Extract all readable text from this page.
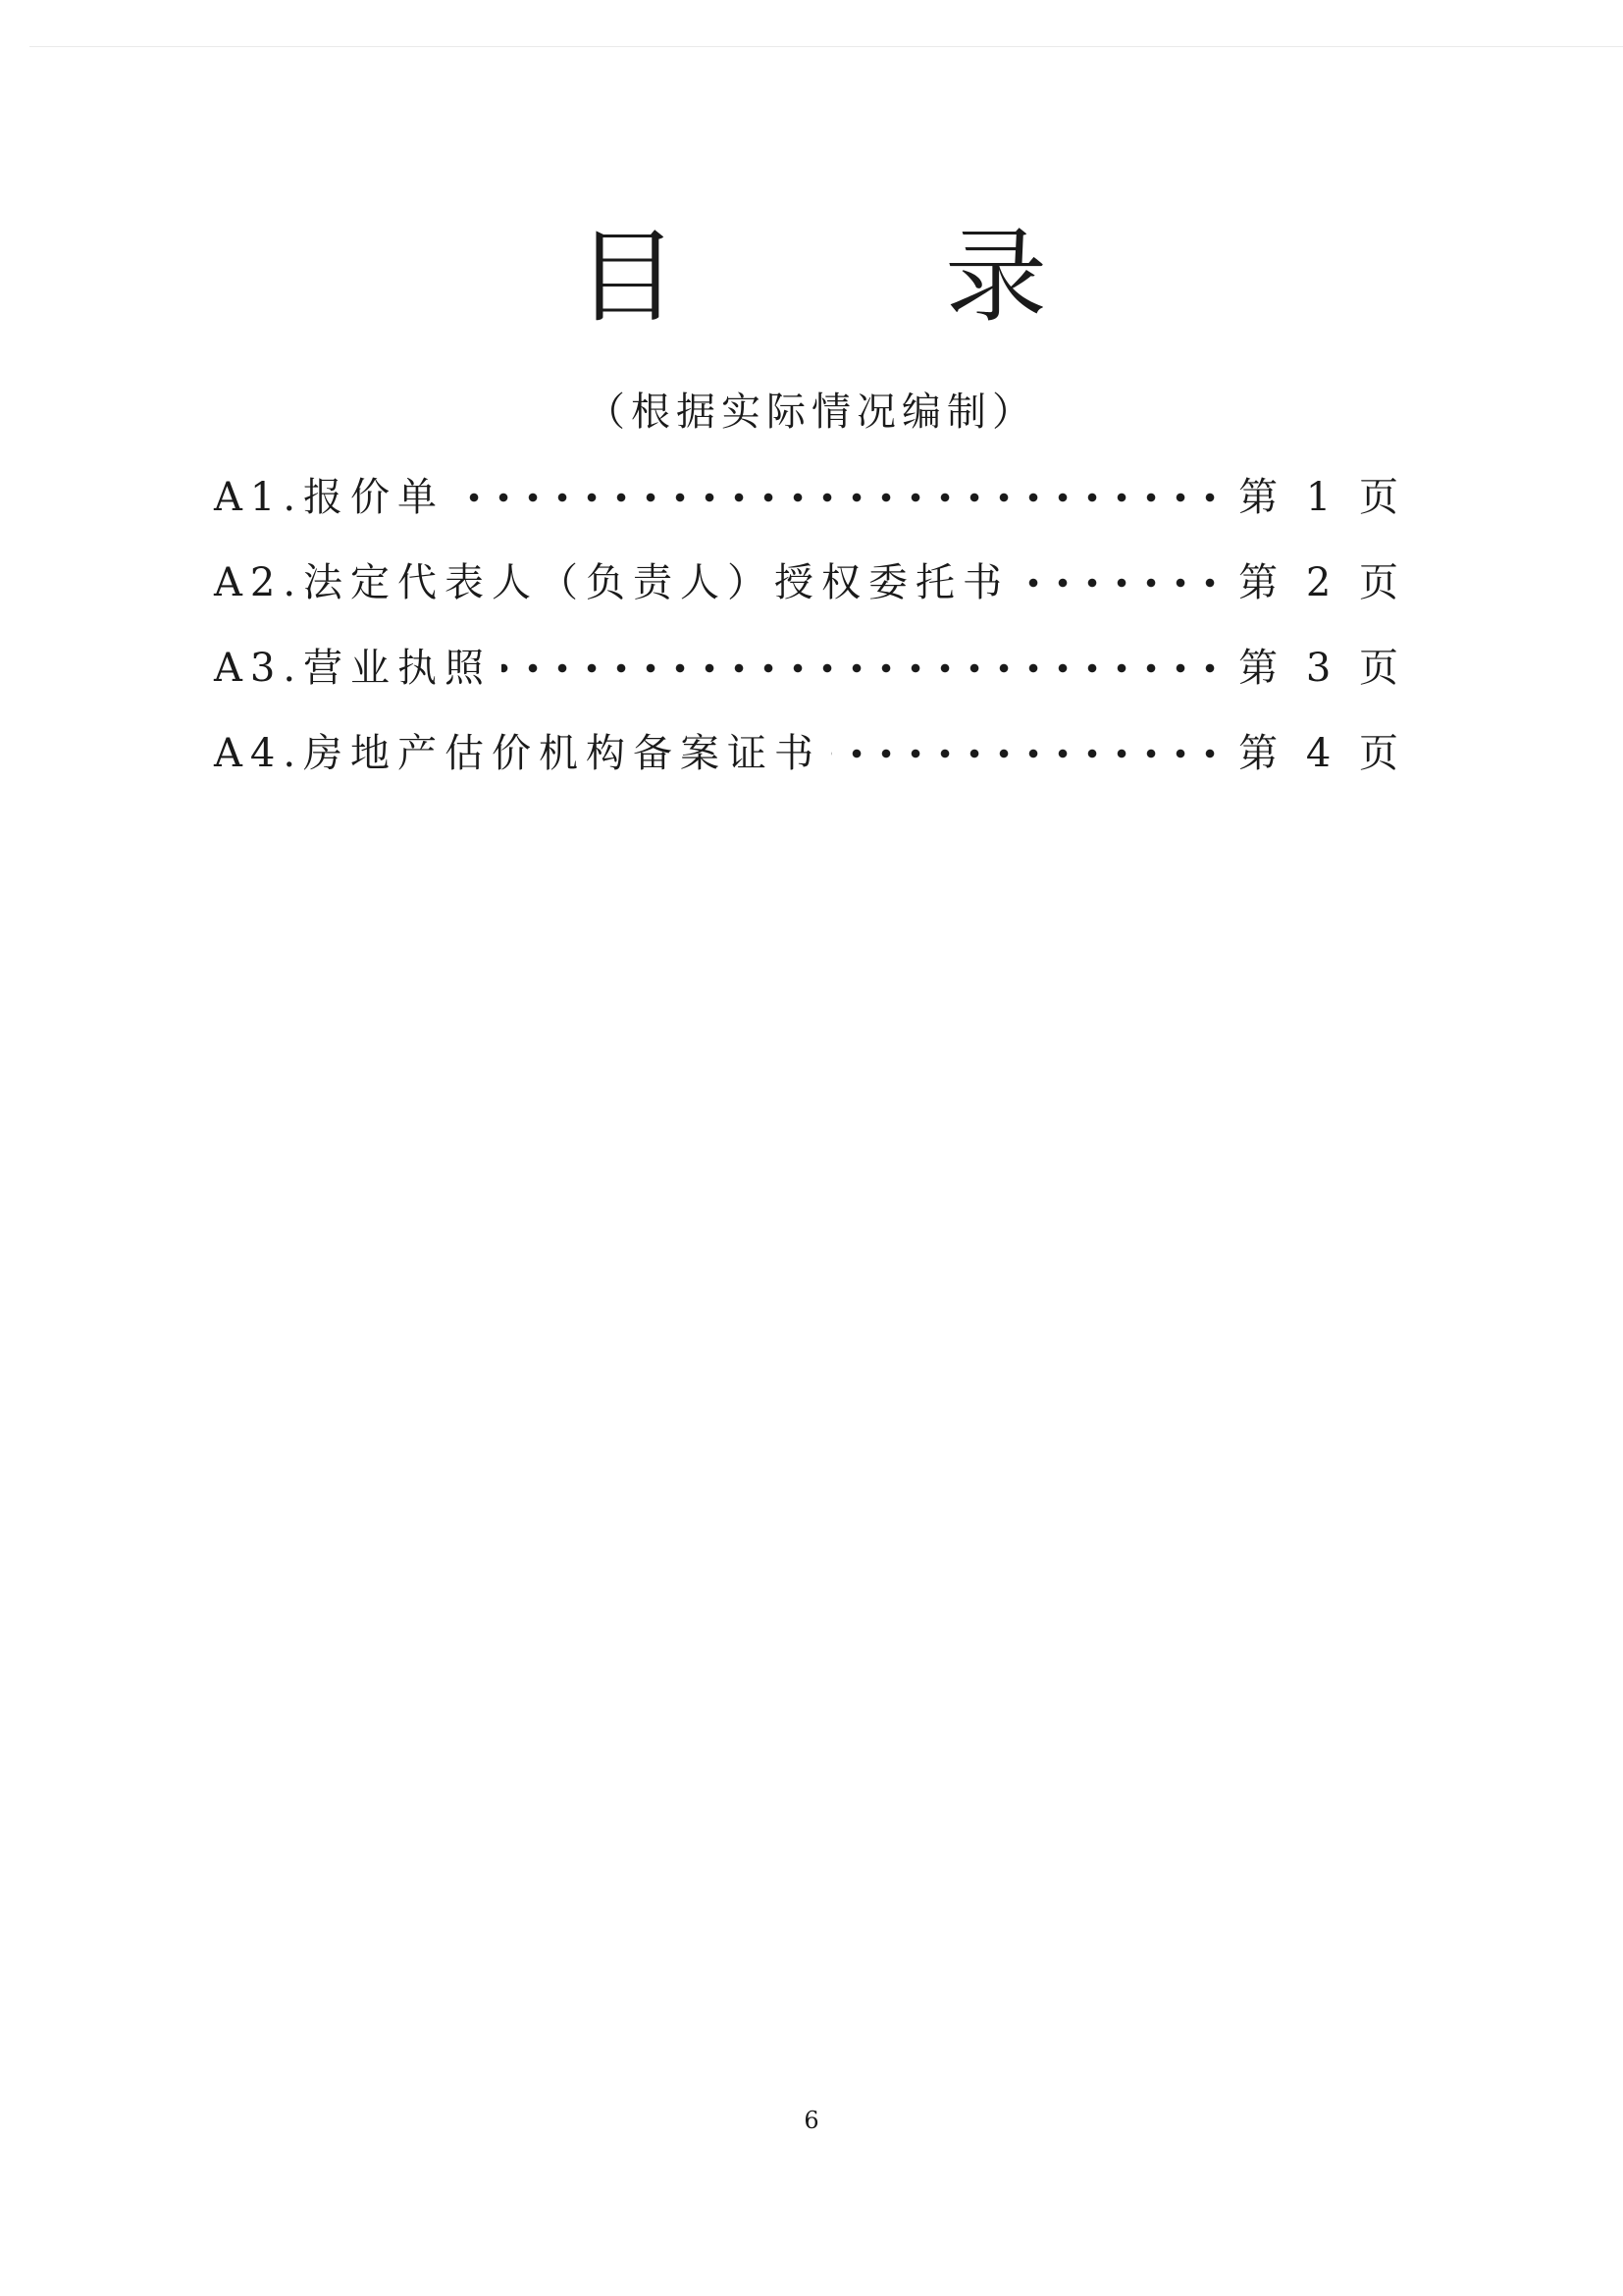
目　录
（根据实际情况编制）
A1.报价单	第 1 页
A2.法定代表人（负责人）授权委托书	第 2 页
A3.营业执照	第 3 页
A4.房地产估价机构备案证书	第 4 页
6
